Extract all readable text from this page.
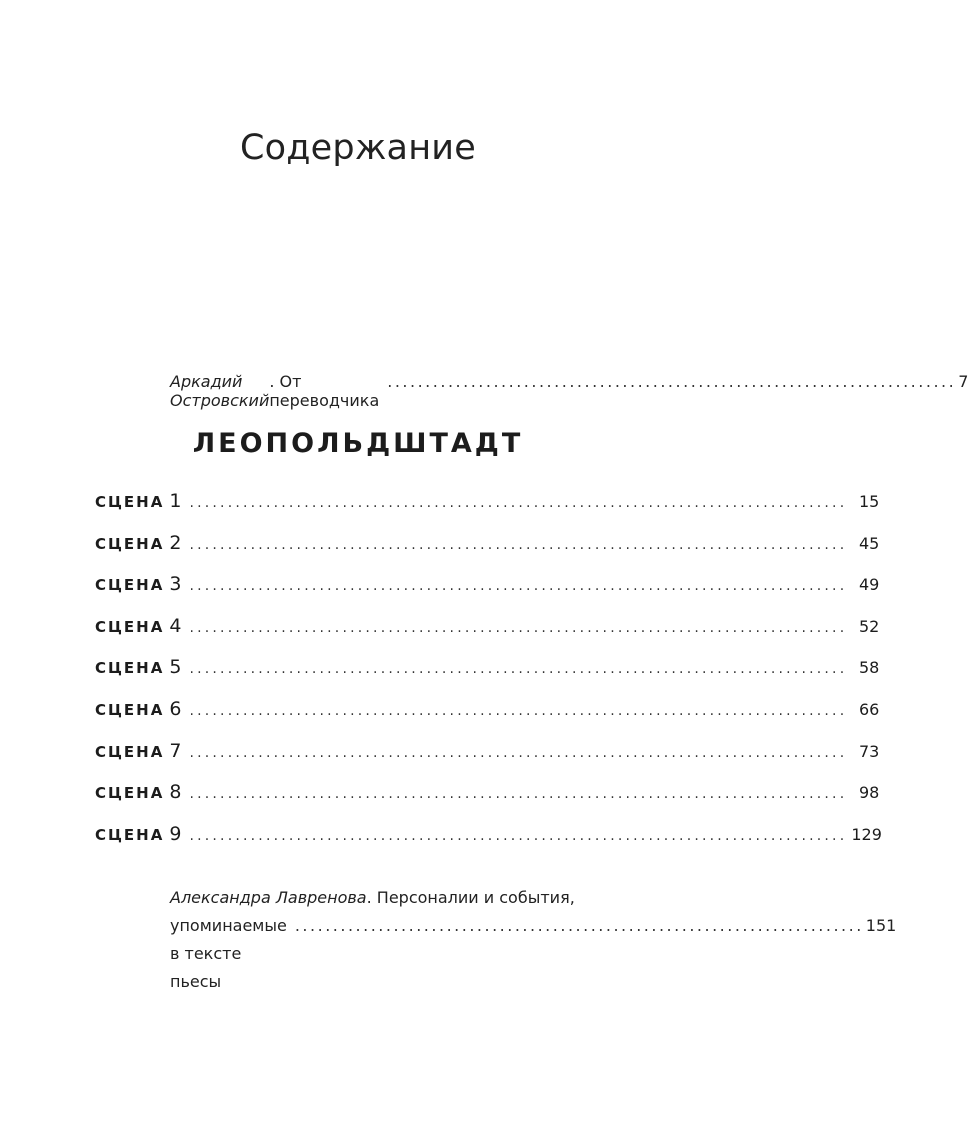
Содержание
Аркадий Островский
. От переводчика
........................................................................... 7
ЛЕОПОЛЬДШТАДТ
СЦЕНА 1 ...................................................................................... 15
СЦЕНА 2 ...................................................................................... 45
СЦЕНА 3 ...................................................................................... 49
СЦЕНА 4 ...................................................................................... 52
СЦЕНА 5 ...................................................................................... 58
СЦЕНА 6 ...................................................................................... 66
СЦЕНА 7 ...................................................................................... 73
СЦЕНА 8 ...................................................................................... 98
СЦЕНА 9 ...................................................................................... 129
Александра Лавренова. Персоналии и события,
упоминаемые в тексте пьесы
........................................................................... 151
